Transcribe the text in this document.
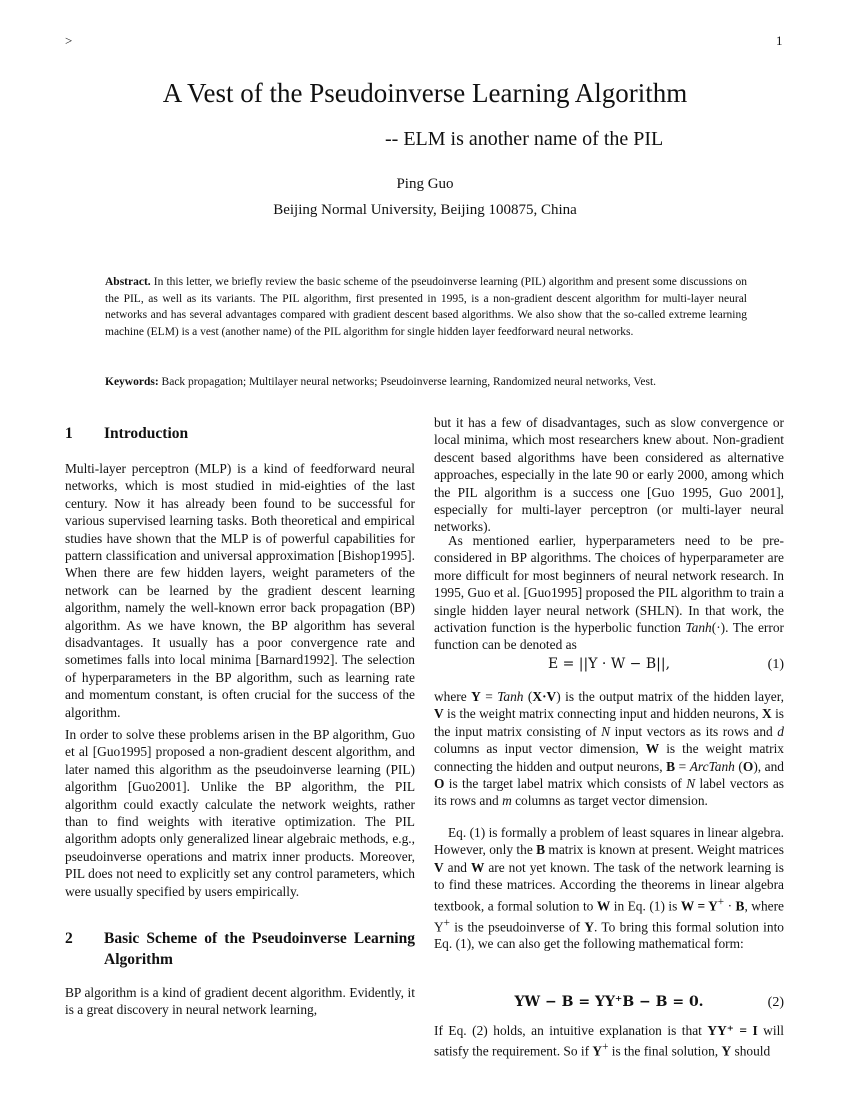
>	1
A Vest of the Pseudoinverse Learning Algorithm
-- ELM is another name of the PIL
Ping Guo
Beijing Normal University, Beijing 100875, China
Abstract. In this letter, we briefly review the basic scheme of the pseudoinverse learning (PIL) algorithm and present some discussions on the PIL, as well as its variants. The PIL algorithm, first presented in 1995, is a non-gradient descent algorithm for multi-layer neural networks and has several advantages compared with gradient descent based algorithms. We also show that the so-called extreme learning machine (ELM) is a vest (another name) of the PIL algorithm for single hidden layer feedforward neural networks.
Keywords: Back propagation; Multilayer neural networks; Pseudoinverse learning, Randomized neural networks, Vest.
1 Introduction

Multi-layer perceptron (MLP) is a kind of feedforward neural networks, which is most studied in mid-eighties of the last century. Now it has already been found to be successful for various supervised learning tasks. Both theoretical and empirical studies have shown that the MLP is of powerful capabilities for pattern classification and universal approximation [Bishop1995]. When there are few hidden layers, weight parameters of the network can be learned by the gradient descent learning algorithm, namely the well-known error back propagation (BP) algorithm. As we have known, the BP algorithm has several disadvantages. It usually has a poor convergence rate and sometimes falls into local minima [Barnard1992]. The selection of hyperparameters in the BP algorithm, such as learning rate and momentum constant, is often crucial for the success of the algorithm.

In order to solve these problems arisen in the BP algorithm, Guo et al [Guo1995] proposed a non-gradient descent algorithm, and later named this algorithm as the pseudoinverse learning (PIL) algorithm [Guo2001]. Unlike the BP algorithm, the PIL algorithm could exactly calculate the network weights, rather than to find weights with iterative optimization. The PIL algorithm adopts only generalized linear algebraic methods, e.g., pseudoinverse operations and matrix inner products. Moreover, PIL does not need to explicitly set any control parameters, which were usually specified by users empirically.

2 Basic Scheme of the Pseudoinverse Learning Algorithm

BP algorithm is a kind of gradient decent algorithm. Evidently, it is a great discovery in neural network learning,

but it has a few of disadvantages, such as slow convergence or local minima, which most researchers knew about. Non-gradient descent based algorithms have been considered as alternative approaches, especially in the late 90 or early 2000, among which the PIL algorithm is a success one [Guo 1995, Guo 2001], especially for multi-layer perceptron (or multi-layer neural networks).

As mentioned earlier, hyperparameters need to be pre-considered in BP algorithms. The choices of hyperparameter are more difficult for most beginners of neural network research. In 1995, Guo et al. [Guo1995] proposed the PIL algorithm to train a single hidden layer neural network (SHLN). In that work, the activation function is the hyperbolic function Tanh(·). The error function can be denoted as

E = ||Y · W − B||,	(1)

where Y = Tanh (X·V) is the output matrix of the hidden layer, V is the weight matrix connecting input and hidden neurons, X is the input matrix consisting of N input vectors as its rows and d columns as input vector dimension, W is the weight matrix connecting the hidden and output neurons, B = ArcTanh (O), and O is the target label matrix which consists of N label vectors as its rows and m columns as target vector dimension.

Eq. (1) is formally a problem of least squares in linear algebra. However, only the B matrix is known at present. Weight matrices V and W are not yet known. The task of the network learning is to find these matrices. According the theorems in linear algebra textbook, a formal solution to W in Eq. (1) is W = Y+ · B, where Y+ is the pseudoinverse of Y. To bring this formal solution into Eq. (1), we can also get the following mathematical form:

YW − B = YY⁺B − B = 0.	(2)

If Eq. (2) holds, an intuitive explanation is that YY⁺ = I will satisfy the requirement. So if Y+ is the final solution, Y should
